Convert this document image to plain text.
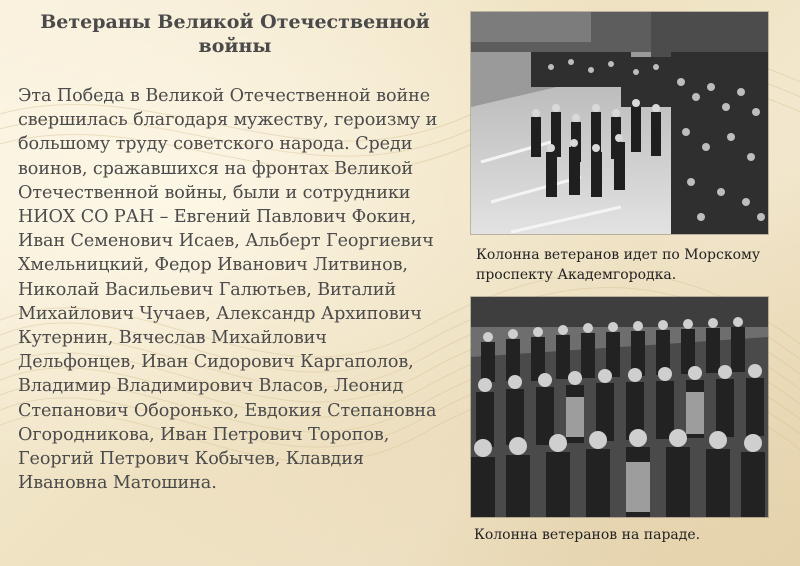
Ветераны Великой Отечественной войны

Эта Победа в Великой Отечественной войне свершилась благодаря мужеству, героизму и большому труду советского народа. Среди воинов, сражавшихся на фронтах Великой Отечественной войны, были и сотрудники НИОХ СО РАН – Евгений Павлович Фокин, Иван Семенович Исаев, Альберт Георгиевич Хмельницкий, Федор Иванович Литвинов, Николай Васильевич Галютьев, Виталий Михайлович Чучаев, Александр Архипович Кутернин, Вячеслав Михайлович Дельфонцев, Иван Сидорович Каргаполов, Владимир Владимирович Власов, Леонид Степанович Оборонько, Евдокия Степановна Огородникова, Иван Петрович Торопов, Георгий Петрович Кобычев, Клавдия Ивановна Матошина.

Колонна ветеранов идет по Морскому проспекту Академгородка.

Колонна ветеранов на параде.
